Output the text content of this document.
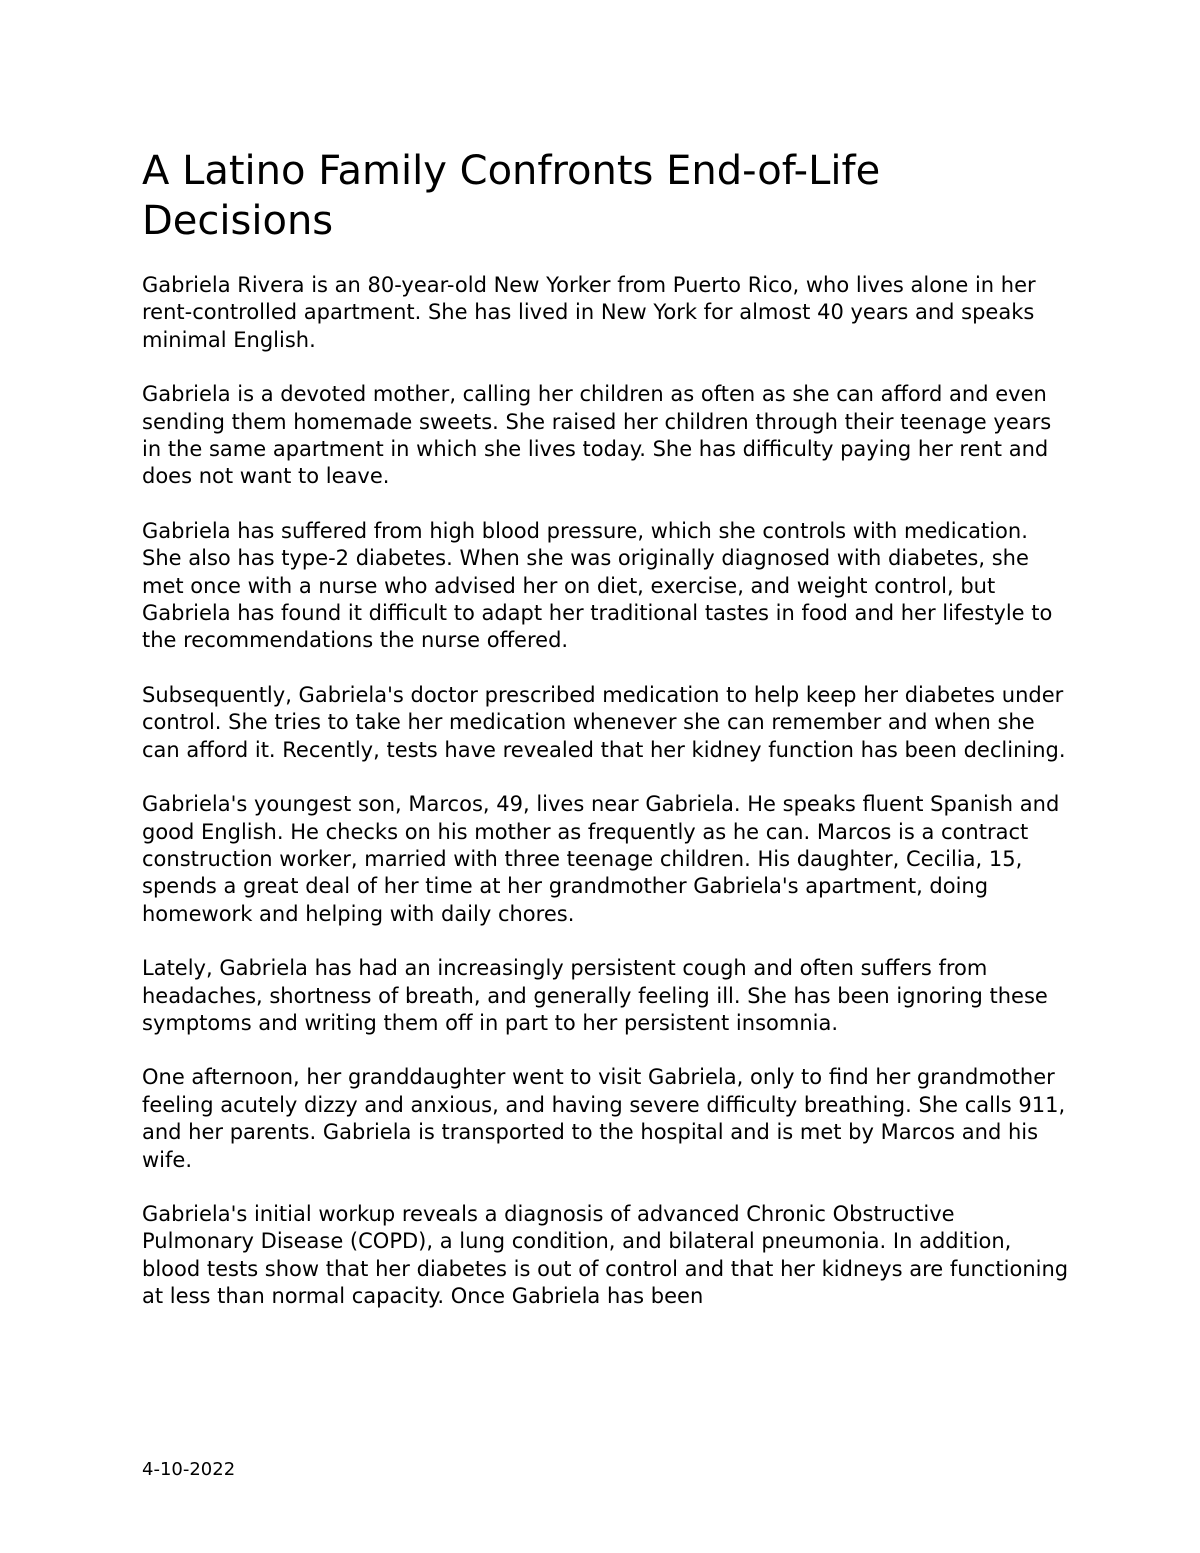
A Latino Family Confronts End-of-Life Decisions

Gabriela Rivera is an 80-year-old New Yorker from Puerto Rico, who lives alone in her rent-controlled apartment. She has lived in New York for almost 40 years and speaks minimal English.

Gabriela is a devoted mother, calling her children as often as she can afford and even sending them homemade sweets. She raised her children through their teenage years in the same apartment in which she lives today. She has difficulty paying her rent and does not want to leave.

Gabriela has suffered from high blood pressure, which she controls with medication. She also has type-2 diabetes. When she was originally diagnosed with diabetes, she met once with a nurse who advised her on diet, exercise, and weight control, but Gabriela has found it difficult to adapt her traditional tastes in food and her lifestyle to the recommendations the nurse offered.

Subsequently, Gabriela's doctor prescribed medication to help keep her diabetes under control. She tries to take her medication whenever she can remember and when she can afford it. Recently, tests have revealed that her kidney function has been declining.

Gabriela's youngest son, Marcos, 49, lives near Gabriela. He speaks fluent Spanish and good English. He checks on his mother as frequently as he can. Marcos is a contract construction worker, married with three teenage children. His daughter, Cecilia, 15, spends a great deal of her time at her grandmother Gabriela's apartment, doing homework and helping with daily chores.

Lately, Gabriela has had an increasingly persistent cough and often suffers from headaches, shortness of breath, and generally feeling ill. She has been ignoring these symptoms and writing them off in part to her persistent insomnia.

One afternoon, her granddaughter went to visit Gabriela, only to find her grandmother feeling acutely dizzy and anxious, and having severe difficulty breathing. She calls 911, and her parents. Gabriela is transported to the hospital and is met by Marcos and his wife.

Gabriela's initial workup reveals a diagnosis of advanced Chronic Obstructive Pulmonary Disease (COPD), a lung condition, and bilateral pneumonia. In addition, blood tests show that her diabetes is out of control and that her kidneys are functioning at less than normal capacity. Once Gabriela has been

4-10-2022
